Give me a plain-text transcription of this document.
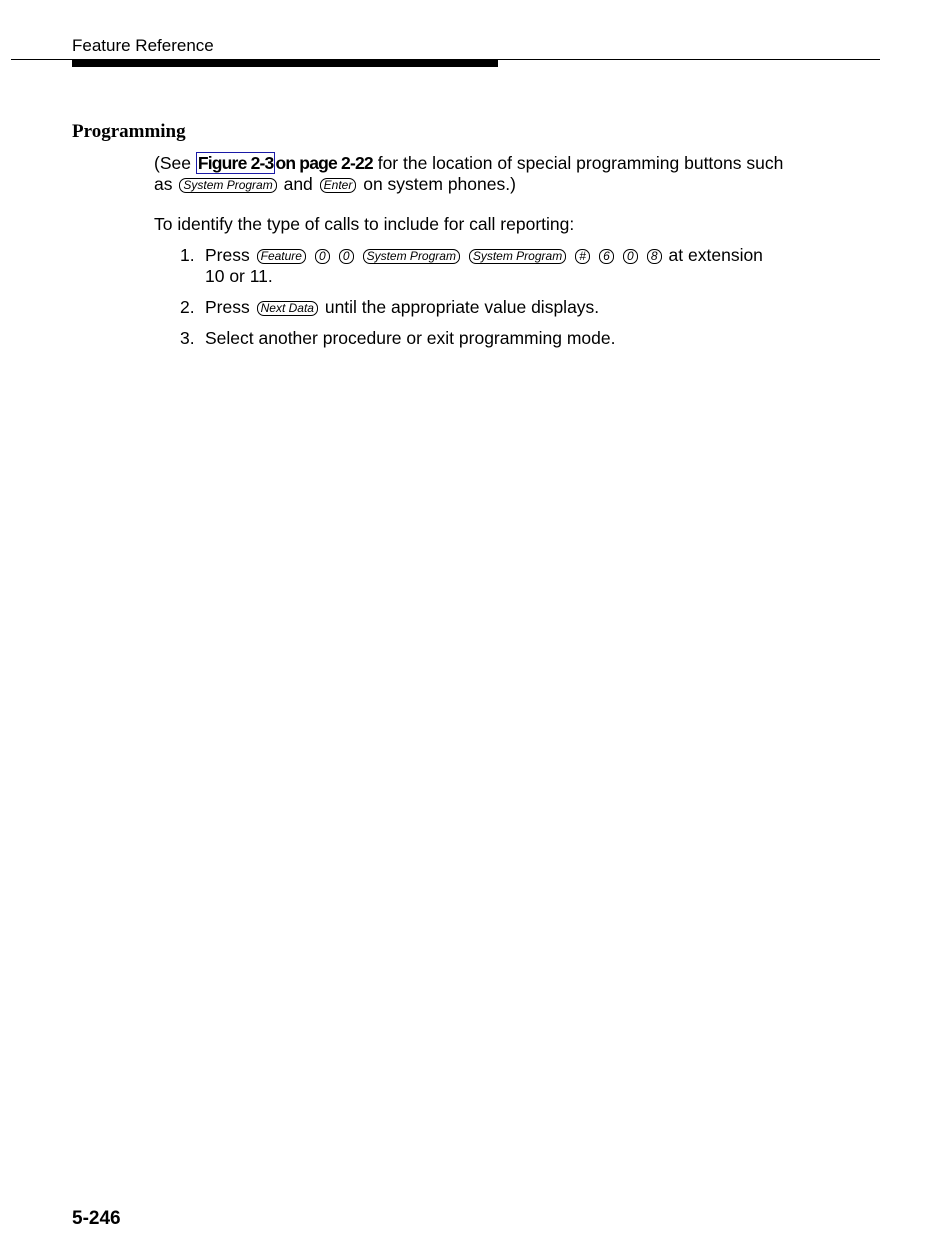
Feature Reference
Programming
(See Figure 2-3 on page 2-22 for the location of special programming buttons such as System Program and Enter on system phones.)
To identify the type of calls to include for call reporting:
1. Press Feature 0 0 System Program System Program # 6 0 8 at extension 10 or 11.
2. Press Next Data until the appropriate value displays.
3. Select another procedure or exit programming mode.
5-246
